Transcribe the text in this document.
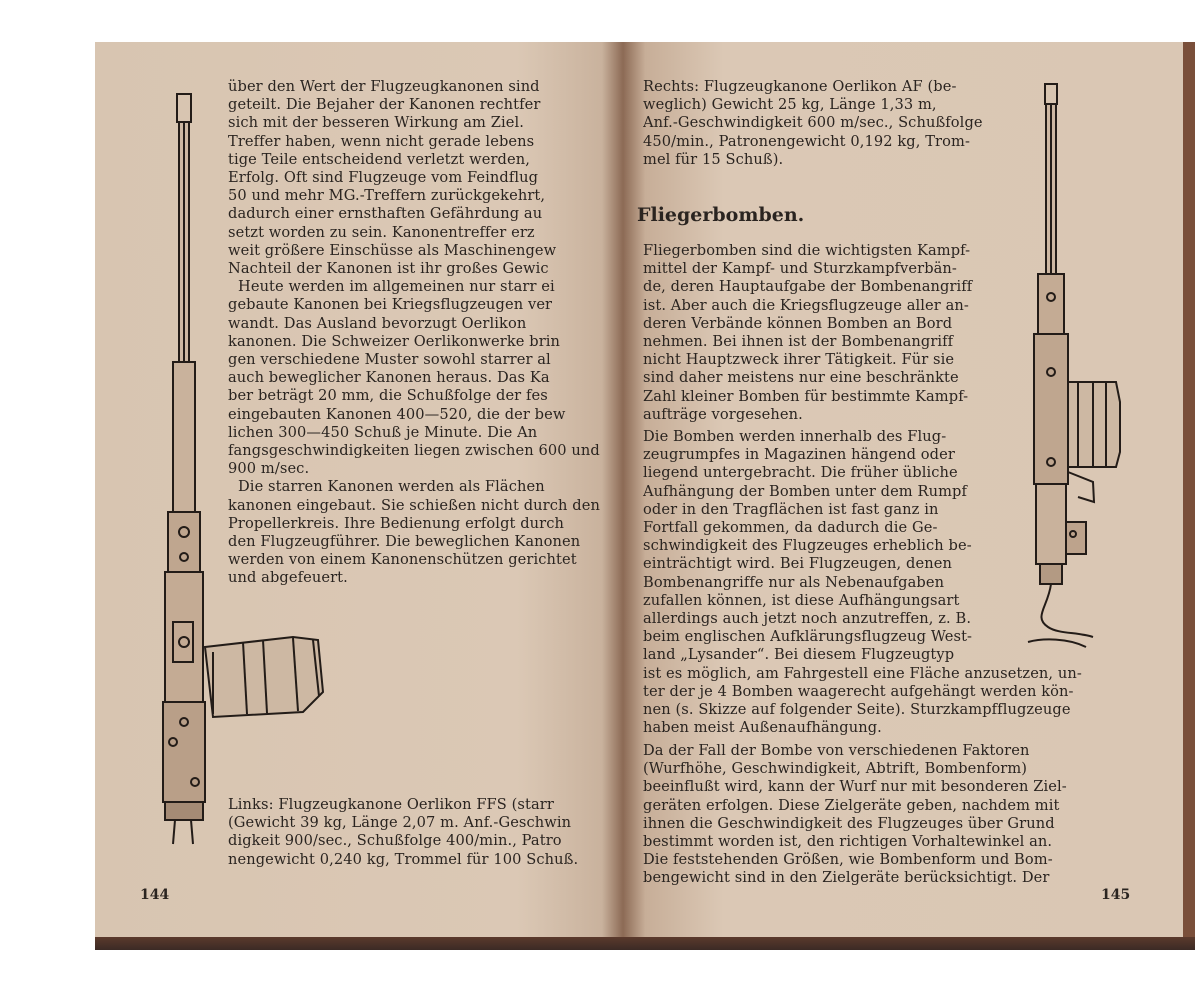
über den Wert der Flugzeugkanonen sind
geteilt. Die Bejaher der Kanonen rechtfer
sich mit der besseren Wirkung am Ziel.
Treffer haben, wenn nicht gerade lebens
tige Teile entscheidend verletzt werden,
Erfolg. Oft sind Flugzeuge vom Feindflug
50 und mehr MG.-Treffern zurückgekehrt,
dadurch einer ernsthaften Gefährdung au
setzt worden zu sein. Kanonentreffer erz
weit größere Einschüsse als Maschinengew
Nachteil der Kanonen ist ihr großes Gewic
Heute werden im allgemeinen nur starr ei
gebaute Kanonen bei Kriegsflugzeugen ver
wandt. Das Ausland bevorzugt Oerlikon
kanonen. Die Schweizer Oerlikonwerke brin
gen verschiedene Muster sowohl starrer al
auch beweglicher Kanonen heraus. Das Ka
ber beträgt 20 mm, die Schußfolge der fes
eingebauten Kanonen 400—520, die der bew
lichen 300—450 Schuß je Minute. Die An
fangsgeschwindigkeiten liegen zwischen 600 und
900 m/sec.
Die starren Kanonen werden als Flächen
kanonen eingebaut. Sie schießen nicht durch den
Propellerkreis. Ihre Bedienung erfolgt durch
den Flugzeugführer. Die beweglichen Kanonen
werden von einem Kanonenschützen gerichtet
und abgefeuert.
Links: Flugzeugkanone Oerlikon FFS (starr
(Gewicht 39 kg, Länge 2,07 m. Anf.-Geschwin
digkeit 900/sec., Schußfolge 400/min., Patro
nengewicht 0,240 kg, Trommel für 100 Schuß.
144
Rechts: Flugzeugkanone Oerlikon AF (be-
weglich) Gewicht 25 kg, Länge 1,33 m,
Anf.-Geschwindigkeit 600 m/sec., Schußfolge
450/min., Patronengewicht 0,192 kg, Trom-
mel für 15 Schuß).
Fliegerbomben.
Fliegerbomben sind die wichtigsten Kampf-
mittel der Kampf- und Sturzkampfverbän-
de, deren Hauptaufgabe der Bombenangriff
ist. Aber auch die Kriegsflugzeuge aller an-
deren Verbände können Bomben an Bord
nehmen. Bei ihnen ist der Bombenangriff
nicht Hauptzweck ihrer Tätigkeit. Für sie
sind daher meistens nur eine beschränkte
Zahl kleiner Bomben für bestimmte Kampf-
aufträge vorgesehen.
Die Bomben werden innerhalb des Flug-
zeugrumpfes in Magazinen hängend oder
liegend untergebracht. Die früher übliche
Aufhängung der Bomben unter dem Rumpf
oder in den Tragflächen ist fast ganz in
Fortfall gekommen, da dadurch die Ge-
schwindigkeit des Flugzeuges erheblich be-
einträchtigt wird. Bei Flugzeugen, denen
Bombenangriffe nur als Nebenaufgaben
zufallen können, ist diese Aufhängungsart
allerdings auch jetzt noch anzutreffen, z. B.
beim englischen Aufklärungsflugzeug West-
land „Lysander“. Bei diesem Flugzeugtyp
ist es möglich, am Fahrgestell eine Fläche anzusetzen, un-
ter der je 4 Bomben waagerecht aufgehängt werden kön-
nen (s. Skizze auf folgender Seite). Sturzkampfflugzeuge
haben meist Außenaufhängung.
Da der Fall der Bombe von verschiedenen Faktoren
(Wurfhöhe, Geschwindigkeit, Abtrift, Bombenform)
beeinflußt wird, kann der Wurf nur mit besonderen Ziel-
geräten erfolgen. Diese Zielgeräte geben, nachdem mit
ihnen die Geschwindigkeit des Flugzeuges über Grund
bestimmt worden ist, den richtigen Vorhaltewinkel an.
Die feststehenden Größen, wie Bombenform und Bom-
bengewicht sind in den Zielgeräte berücksichtigt. Der
145
